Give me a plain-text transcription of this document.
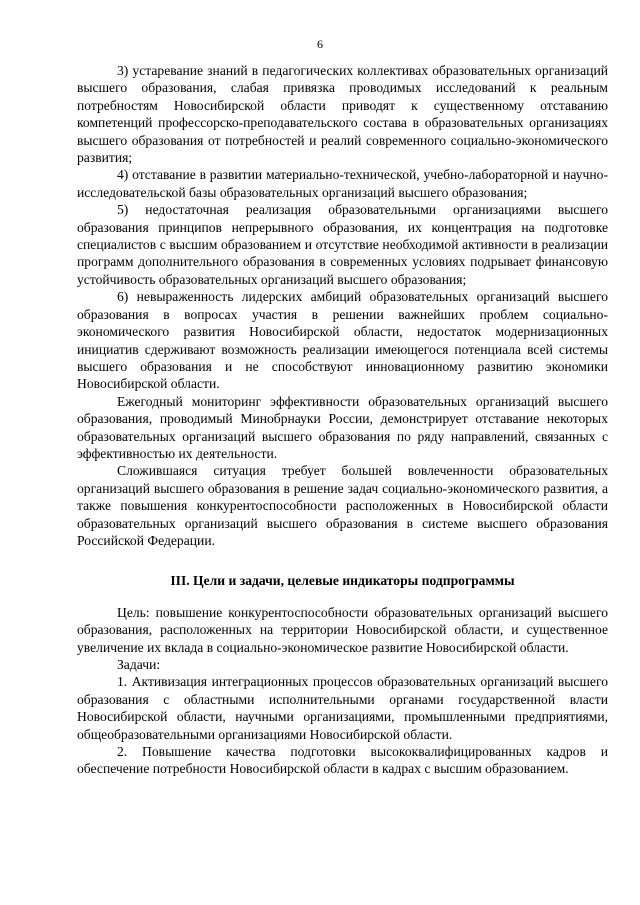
6

3) устаревание знаний в педагогических коллективах образовательных организаций высшего образования, слабая привязка проводимых исследований к реальным потребностям Новосибирской области приводят к существенному отставанию компетенций профессорско-преподавательского состава в образовательных организациях высшего образования от потребностей и реалий современного социально-экономического развития;

4) отставание в развитии материально-технической, учебно-лабораторной и научно-исследовательской базы образовательных организаций высшего образования;

5) недостаточная реализация образовательными организациями высшего образования принципов непрерывного образования, их концентрация на подготовке специалистов с высшим образованием и отсутствие необходимой активности в реализации программ дополнительного образования в современных условиях подрывает финансовую устойчивость образовательных организаций высшего образования;

6) невыраженность лидерских амбиций образовательных организаций высшего образования в вопросах участия в решении важнейших проблем социально-экономического развития Новосибирской области, недостаток модернизационных инициатив сдерживают возможность реализации имеющегося потенциала всей системы высшего образования и не способствуют инновационному развитию экономики Новосибирской области.

Ежегодный мониторинг эффективности образовательных организаций высшего образования, проводимый Минобрнауки России, демонстрирует отставание некоторых образовательных организаций высшего образования по ряду направлений, связанных с эффективностью их деятельности.

Сложившаяся ситуация требует большей вовлеченности образовательных организаций высшего образования в решение задач социально-экономического развития, а также повышения конкурентоспособности расположенных в Новосибирской области образовательных организаций высшего образования в системе высшего образования Российской Федерации.

III. Цели и задачи, целевые индикаторы подпрограммы

Цель: повышение конкурентоспособности образовательных организаций высшего образования, расположенных на территории Новосибирской области, и существенное увеличение их вклада в социально-экономическое развитие Новосибирской области.

Задачи:

1. Активизация интеграционных процессов образовательных организаций высшего образования с областными исполнительными органами государственной власти Новосибирской области, научными организациями, промышленными предприятиями, общеобразовательными организациями Новосибирской области.

2. Повышение качества подготовки высококвалифицированных кадров и обеспечение потребности Новосибирской области в кадрах с высшим образованием.
